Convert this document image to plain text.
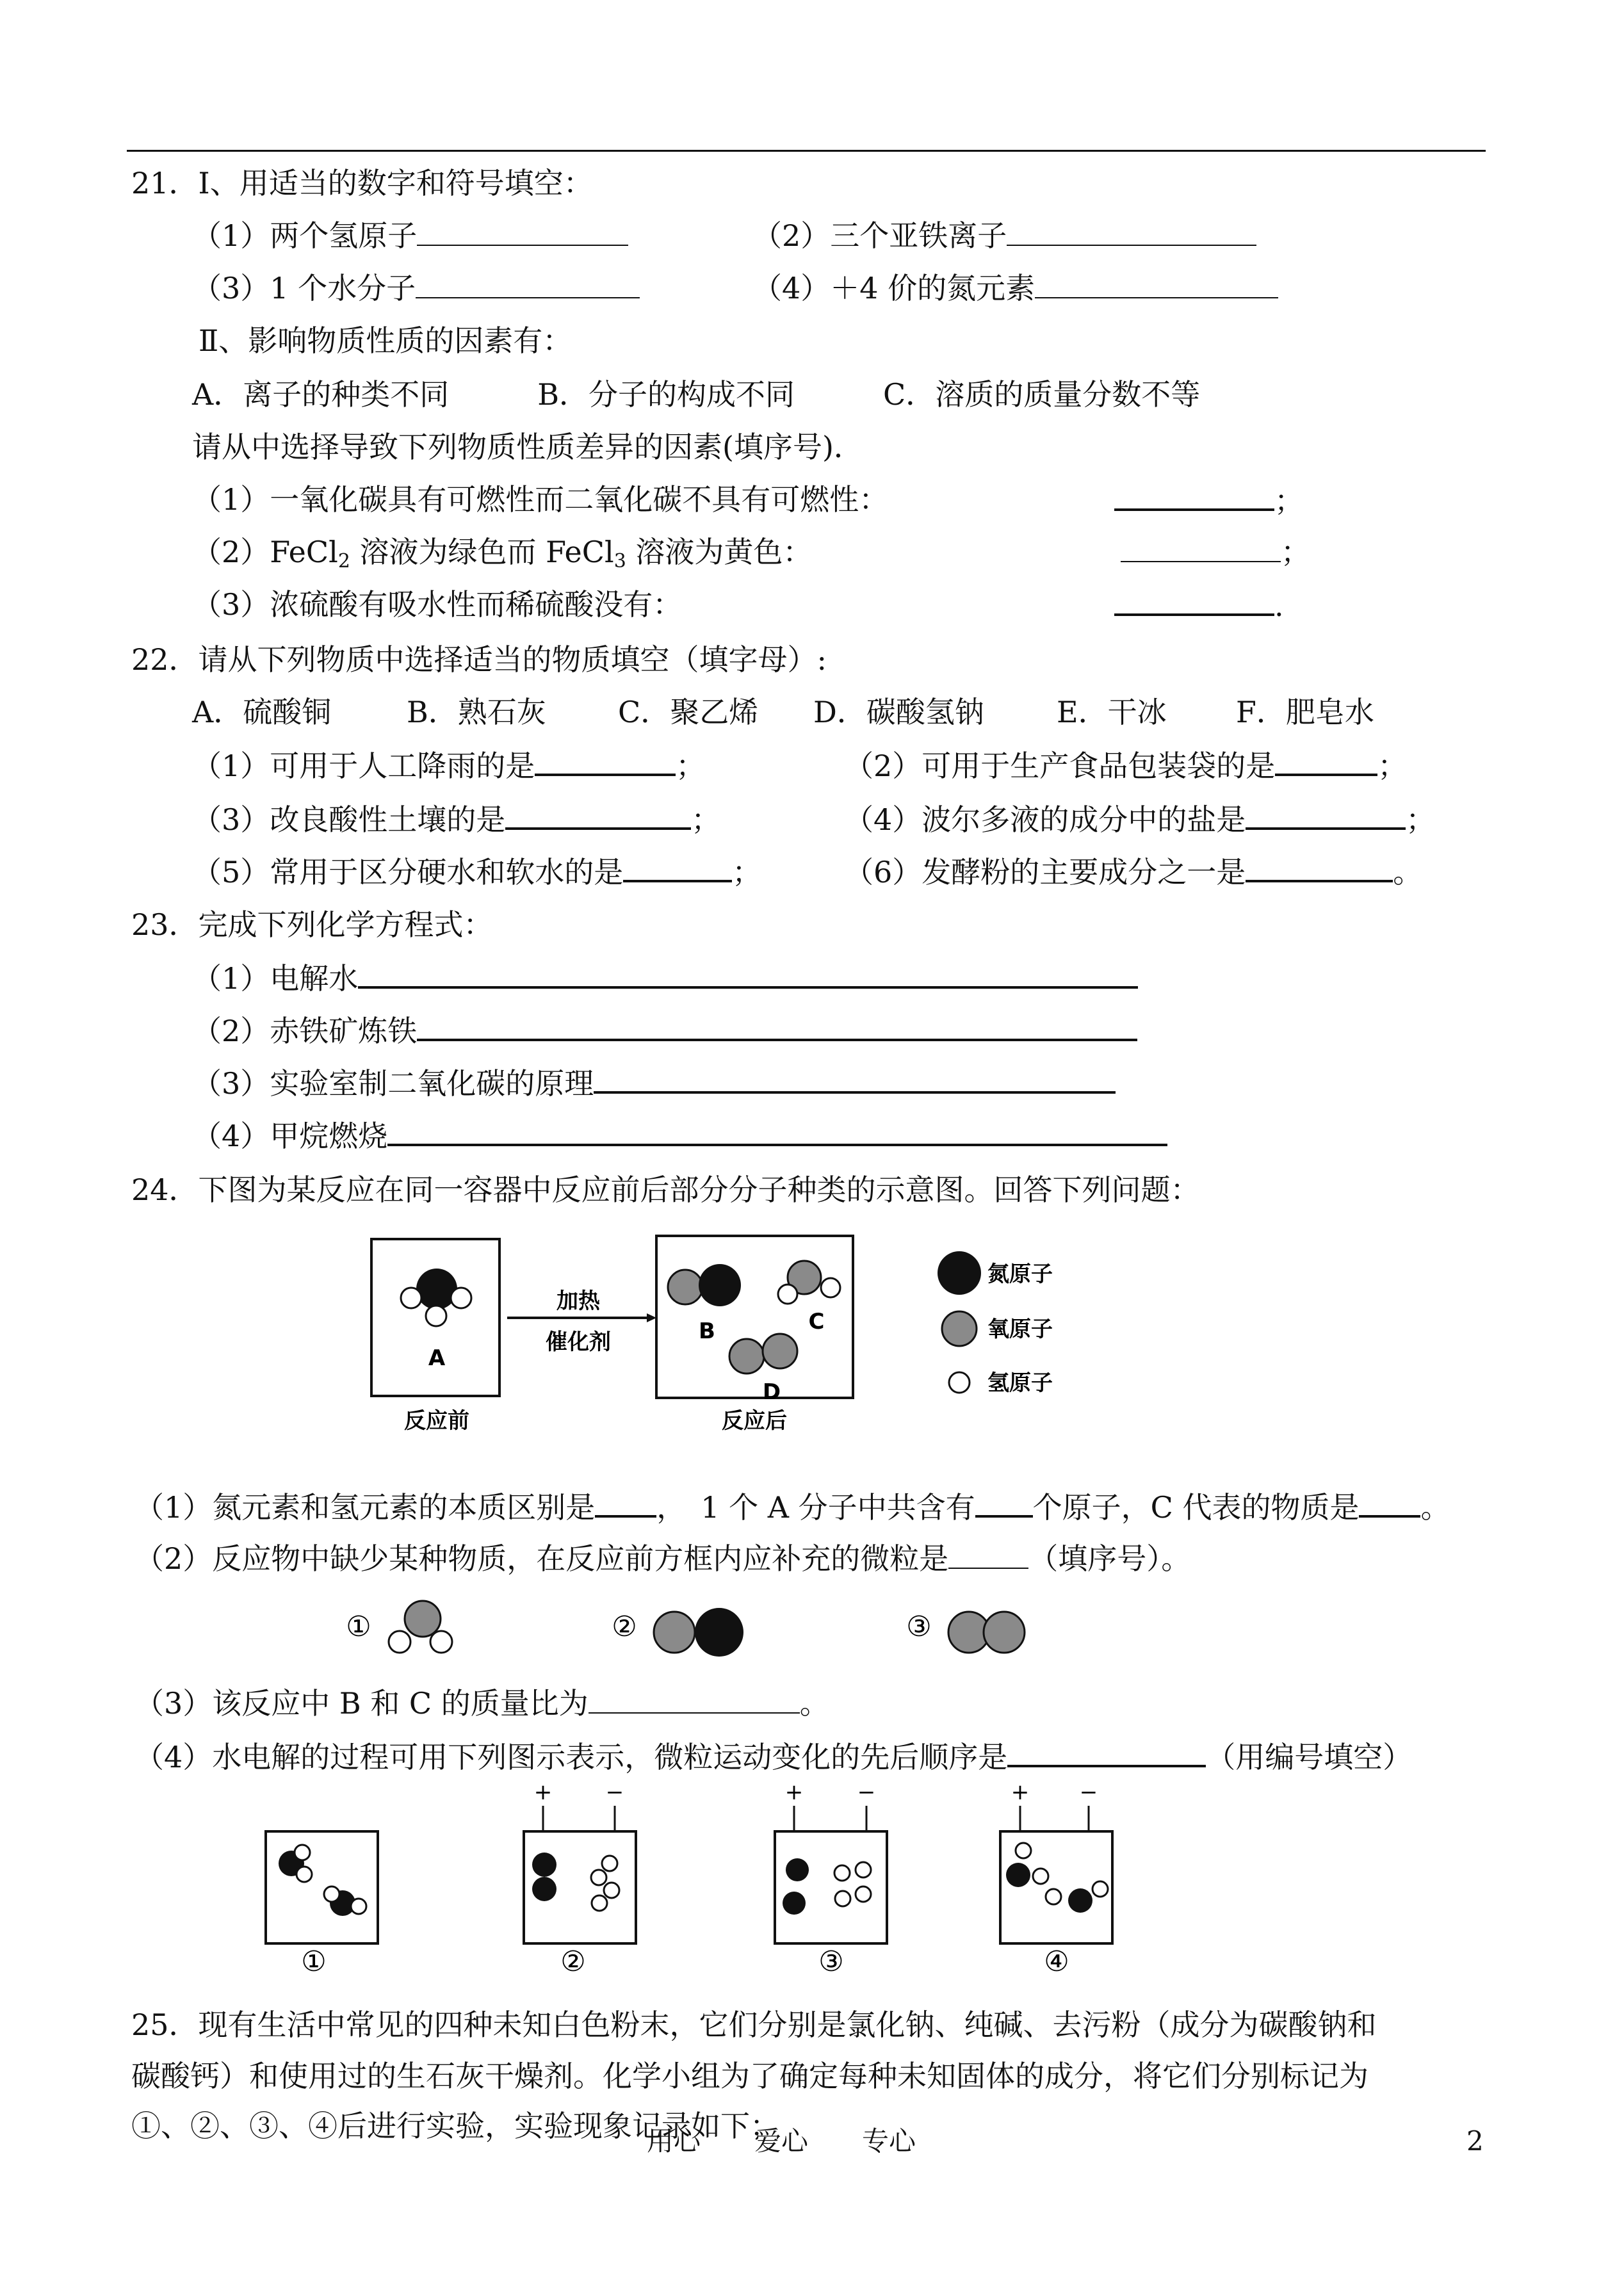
21．Ⅰ、用适当的数字和符号填空：
（1）两个氢原子	（2）三个亚铁离子
（3）1 个水分子	（4）＋4 价的氮元素
Ⅱ、影响物质性质的因素有：
A．离子的种类不同　　　B．分子的构成不同　　　C．溶质的质量分数不等
请从中选择导致下列物质性质差异的因素(填序号)．
（1）一氧化碳具有可燃性而二氧化碳不具有可燃性：	；
（2）FeCl$_2$ 溶液为绿色而 FeCl$_3$ 溶液为黄色：	；
（3）浓硫酸有吸水性而稀硫酸没有：	.
22．请从下列物质中选择适当的物质填空（填字母）:
A．硫酸铜	B．熟石灰 C．聚乙烯 D．碳酸氢钠 E．干冰 F．肥皂水
（1）可用于人工降雨的是	；	（2）可用于生产食品包装袋的是	；
（3）改良酸性土壤的是	；	（4）波尔多液的成分中的盐是	；
（5）常用于区分硬水和软水的是	；	（6）发酵粉的主要成分之一是	。
23．完成下列化学方程式：
（1）电解水
（2）赤铁矿炼铁
（3）实验室制二氧化碳的原理
（4）甲烷燃烧
24．下图为某反应在同一容器中反应前后部分分子种类的示意图。回答下列问题：
A
反应前
加热
催化剂	B	C
D
反应后
氮原子
氧原子
氢原子
（1）氮元素和氢元素的本质区别是 ，　1 个 A 分子中共含有 个原子，C 代表的物质是 。
（2）反应物中缺少某种物质，在反应前方框内应补充的微粒是	（填序号）。
①	②	③
（3）该反应中 B 和 C 的质量比为	。
（4）水电解的过程可用下列图示表示，微粒运动变化的先后顺序是	（用编号填空）
①
+ −
②
+ −
③
+ −
④
25．现有生活中常见的四种未知白色粉末，它们分别是氯化钠、纯碱、去污粉（成分为碳酸钠和
碳酸钙）和使用过的生石灰干燥剂。化学小组为了确定每种未知固体的成分，将它们分别标记为
①、②、③、④后进行实验，实验现象记录如下：
用心　　爱心　　专心	2
